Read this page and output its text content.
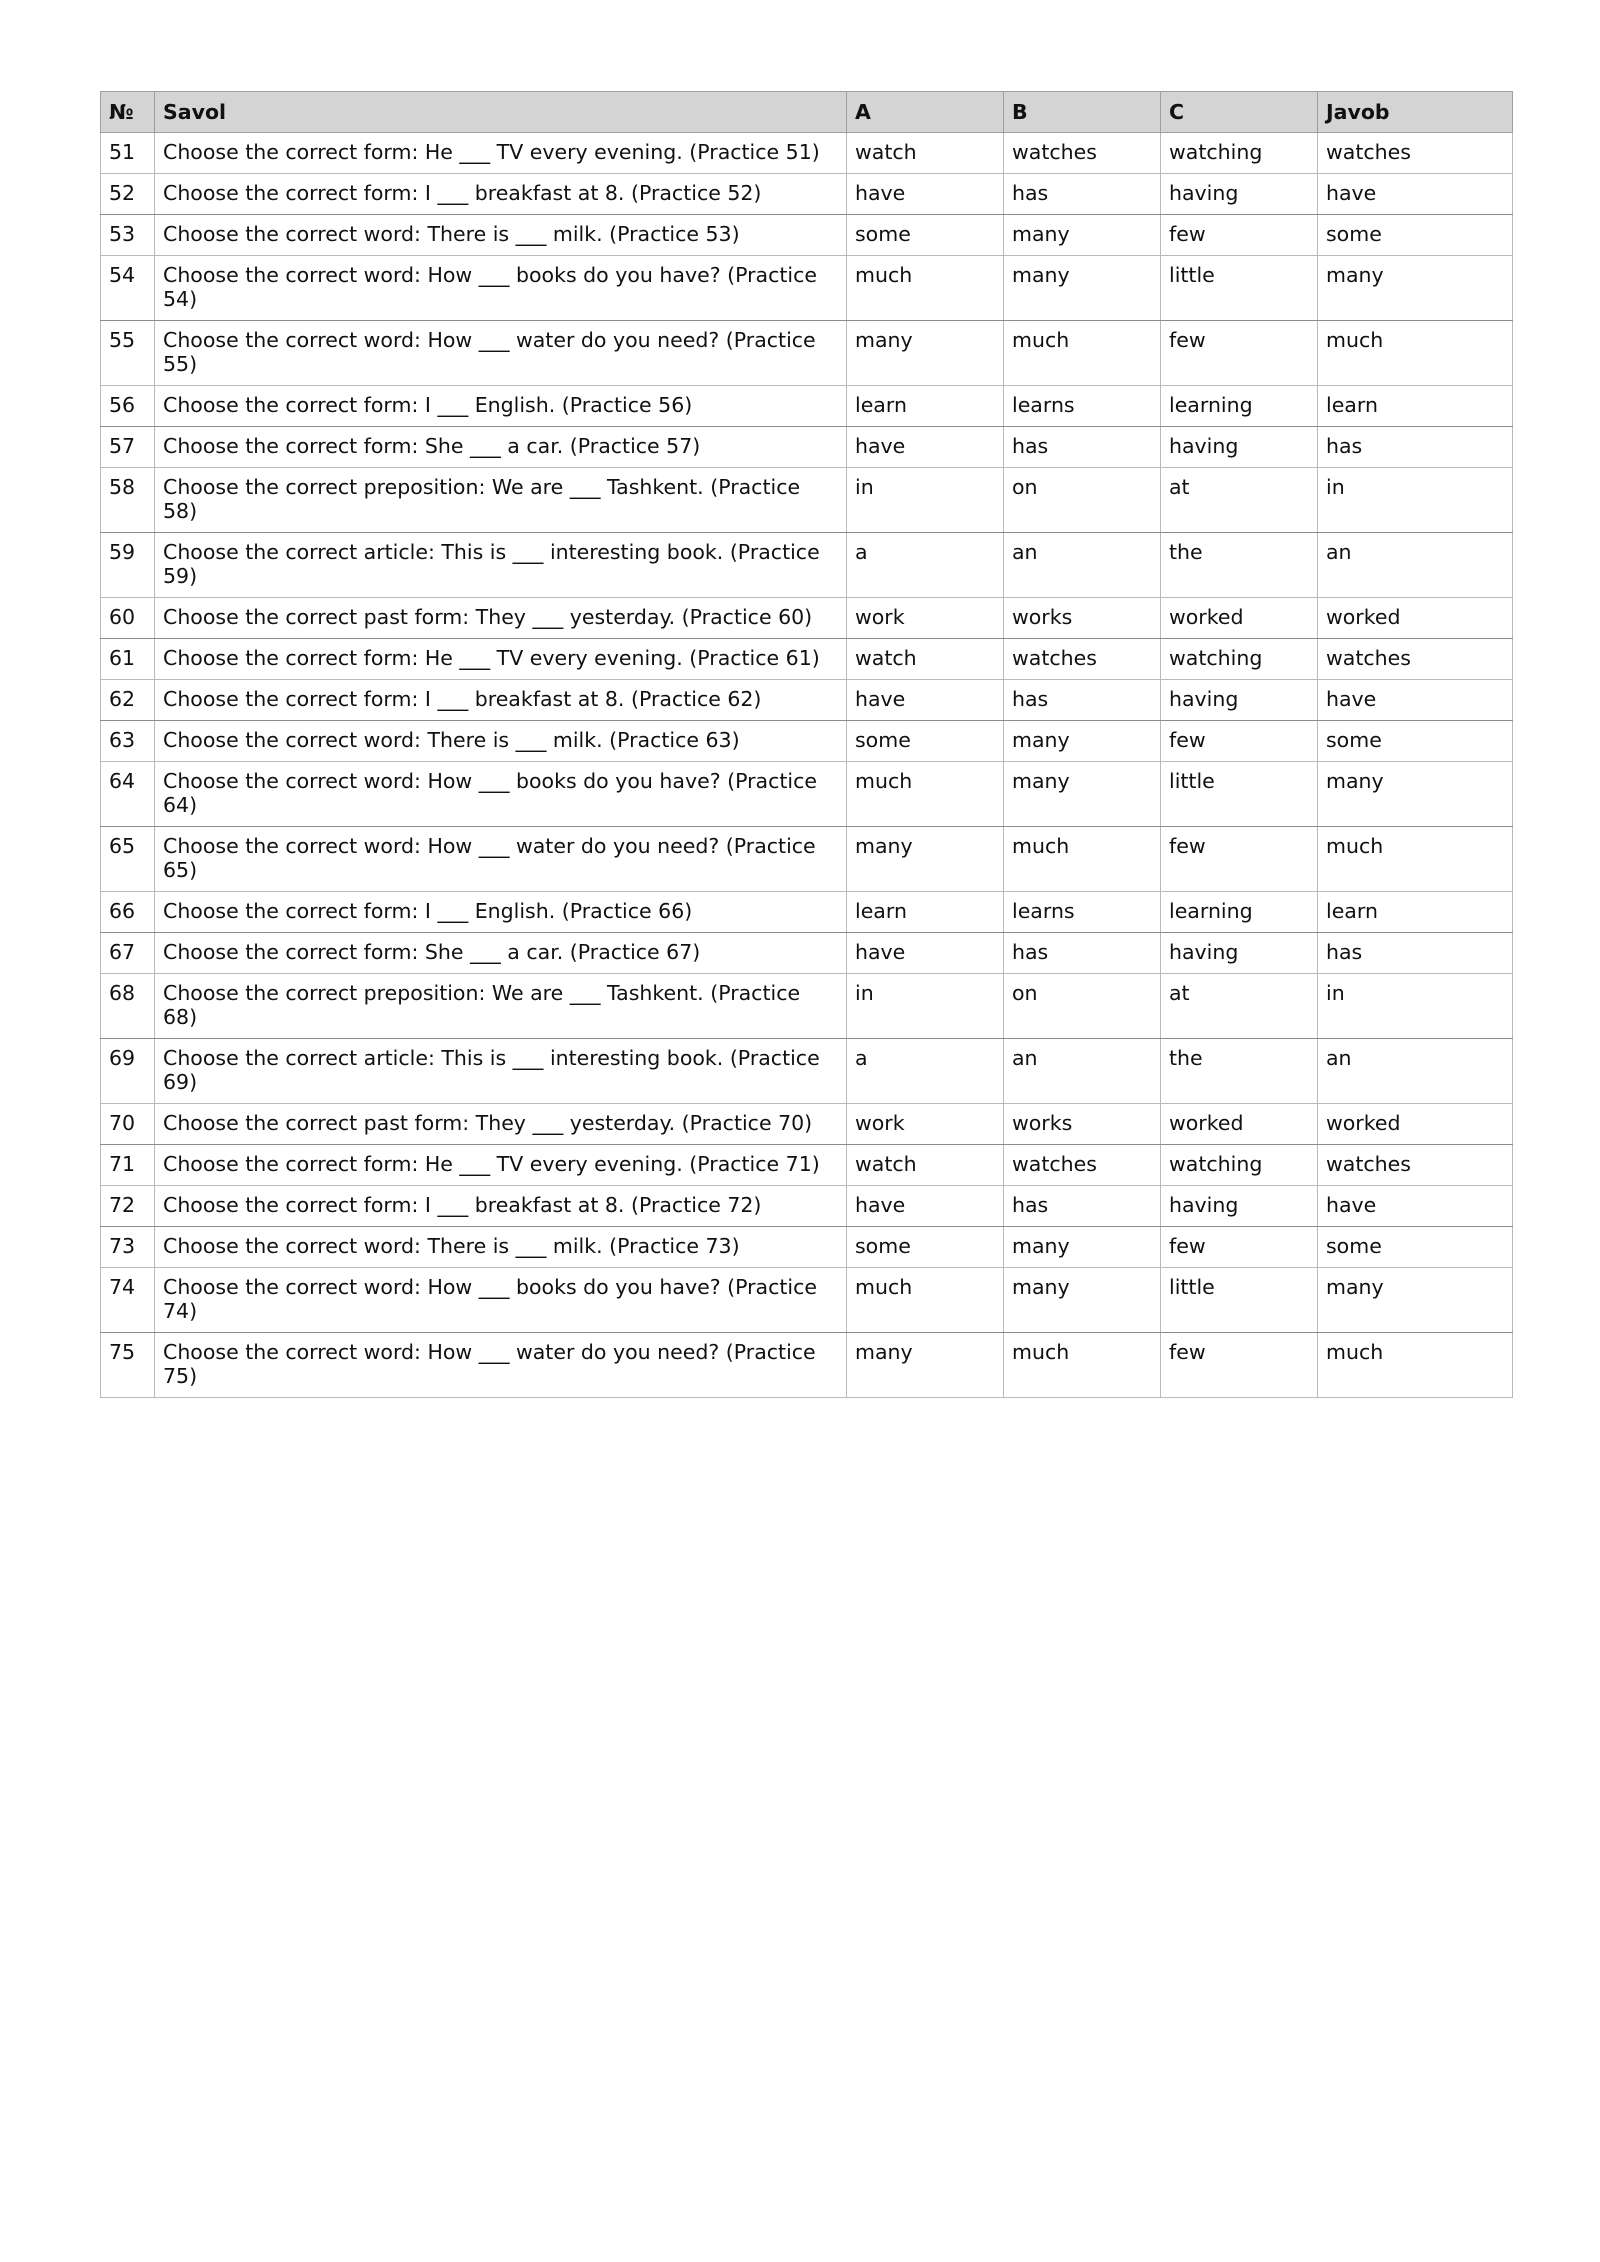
№	Savol	A	B	C	Javob
51	Choose the correct form: He ___ TV every evening. (Practice 51)	watch	watches	watching	watches
52	Choose the correct form: I ___ breakfast at 8. (Practice 52)	have	has	having	have
53	Choose the correct word: There is ___ milk. (Practice 53)	some	many	few	some
54	Choose the correct word: How ___ books do you have? (Practice 54)	much	many	little	many
55	Choose the correct word: How ___ water do you need? (Practice 55)	many	much	few	much
56	Choose the correct form: I ___ English. (Practice 56)	learn	learns	learning	learn
57	Choose the correct form: She ___ a car. (Practice 57)	have	has	having	has
58	Choose the correct preposition: We are ___ Tashkent. (Practice 58)	in	on	at	in
59	Choose the correct article: This is ___ interesting book. (Practice 59)	a	an	the	an
60	Choose the correct past form: They ___ yesterday. (Practice 60)	work	works	worked	worked
61	Choose the correct form: He ___ TV every evening. (Practice 61)	watch	watches	watching	watches
62	Choose the correct form: I ___ breakfast at 8. (Practice 62)	have	has	having	have
63	Choose the correct word: There is ___ milk. (Practice 63)	some	many	few	some
64	Choose the correct word: How ___ books do you have? (Practice 64)	much	many	little	many
65	Choose the correct word: How ___ water do you need? (Practice 65)	many	much	few	much
66	Choose the correct form: I ___ English. (Practice 66)	learn	learns	learning	learn
67	Choose the correct form: She ___ a car. (Practice 67)	have	has	having	has
68	Choose the correct preposition: We are ___ Tashkent. (Practice 68)	in	on	at	in
69	Choose the correct article: This is ___ interesting book. (Practice 69)	a	an	the	an
70	Choose the correct past form: They ___ yesterday. (Practice 70)	work	works	worked	worked
71	Choose the correct form: He ___ TV every evening. (Practice 71)	watch	watches	watching	watches
72	Choose the correct form: I ___ breakfast at 8. (Practice 72)	have	has	having	have
73	Choose the correct word: There is ___ milk. (Practice 73)	some	many	few	some
74	Choose the correct word: How ___ books do you have? (Practice 74)	much	many	little	many
75	Choose the correct word: How ___ water do you need? (Practice 75)	many	much	few	much
